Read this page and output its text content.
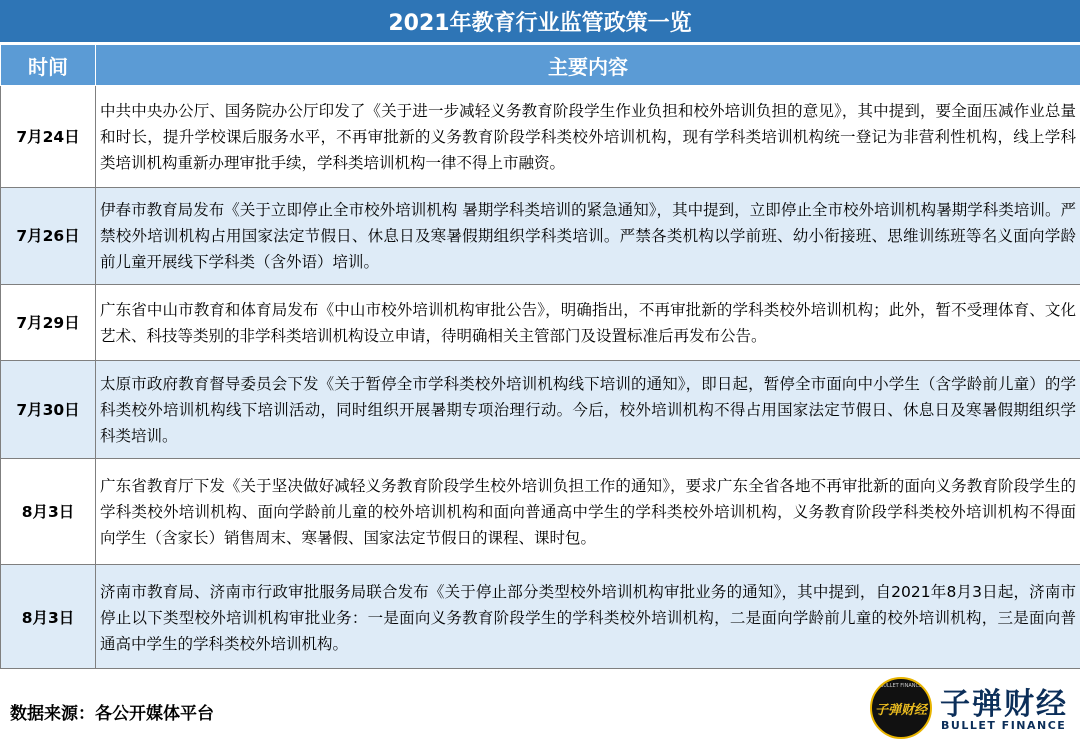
2021年教育行业监管政策一览
时间	主要内容
7月24日	中共中央办公厅、国务院办公厅印发了《关于进一步减轻义务教育阶段学生作业负担和校外培训负担的意见》，其中提到，要全面压减作业总量和时长，提升学校课后服务水平，不再审批新的义务教育阶段学科类校外培训机构，现有学科类培训机构统一登记为非营利性机构，线上学科类培训机构重新办理审批手续，学科类培训机构一律不得上市融资。
7月26日	伊春市教育局发布《关于立即停止全市校外培训机构 暑期学科类培训的紧急通知》，其中提到，立即停止全市校外培训机构暑期学科类培训。严禁校外培训机构占用国家法定节假日、休息日及寒暑假期组织学科类培训。严禁各类机构以学前班、幼小衔接班、思维训练班等名义面向学龄前儿童开展线下学科类（含外语）培训。
7月29日	广东省中山市教育和体育局发布《中山市校外培训机构审批公告》，明确指出，不再审批新的学科类校外培训机构；此外，暂不受理体育、文化艺术、科技等类别的非学科类培训机构设立申请，待明确相关主管部门及设置标准后再发布公告。
7月30日	太原市政府教育督导委员会下发《关于暂停全市学科类校外培训机构线下培训的通知》，即日起，暂停全市面向中小学生（含学龄前儿童）的学科类校外培训机构线下培训活动，同时组织开展暑期专项治理行动。今后，校外培训机构不得占用国家法定节假日、休息日及寒暑假期组织学科类培训。
8月3日	广东省教育厅下发《关于坚决做好减轻义务教育阶段学生校外培训负担工作的通知》，要求广东全省各地不再审批新的面向义务教育阶段学生的学科类校外培训机构、面向学龄前儿童的校外培训机构和面向普通高中学生的学科类校外培训机构，义务教育阶段学科类校外培训机构不得面向学生（含家长）销售周末、寒暑假、国家法定节假日的课程、课时包。
8月3日	济南市教育局、济南市行政审批服务局联合发布《关于停止部分类型校外培训机构审批业务的通知》，其中提到，自2021年8月3日起，济南市停止以下类型校外培训机构审批业务：一是面向义务教育阶段学生的学科类校外培训机构，二是面向学龄前儿童的校外培训机构，三是面向普通高中学生的学科类校外培训机构。
数据来源：各公开媒体平台
BULLET FINANCE
子弹财经 子弹财经
BULLET FINANCE
